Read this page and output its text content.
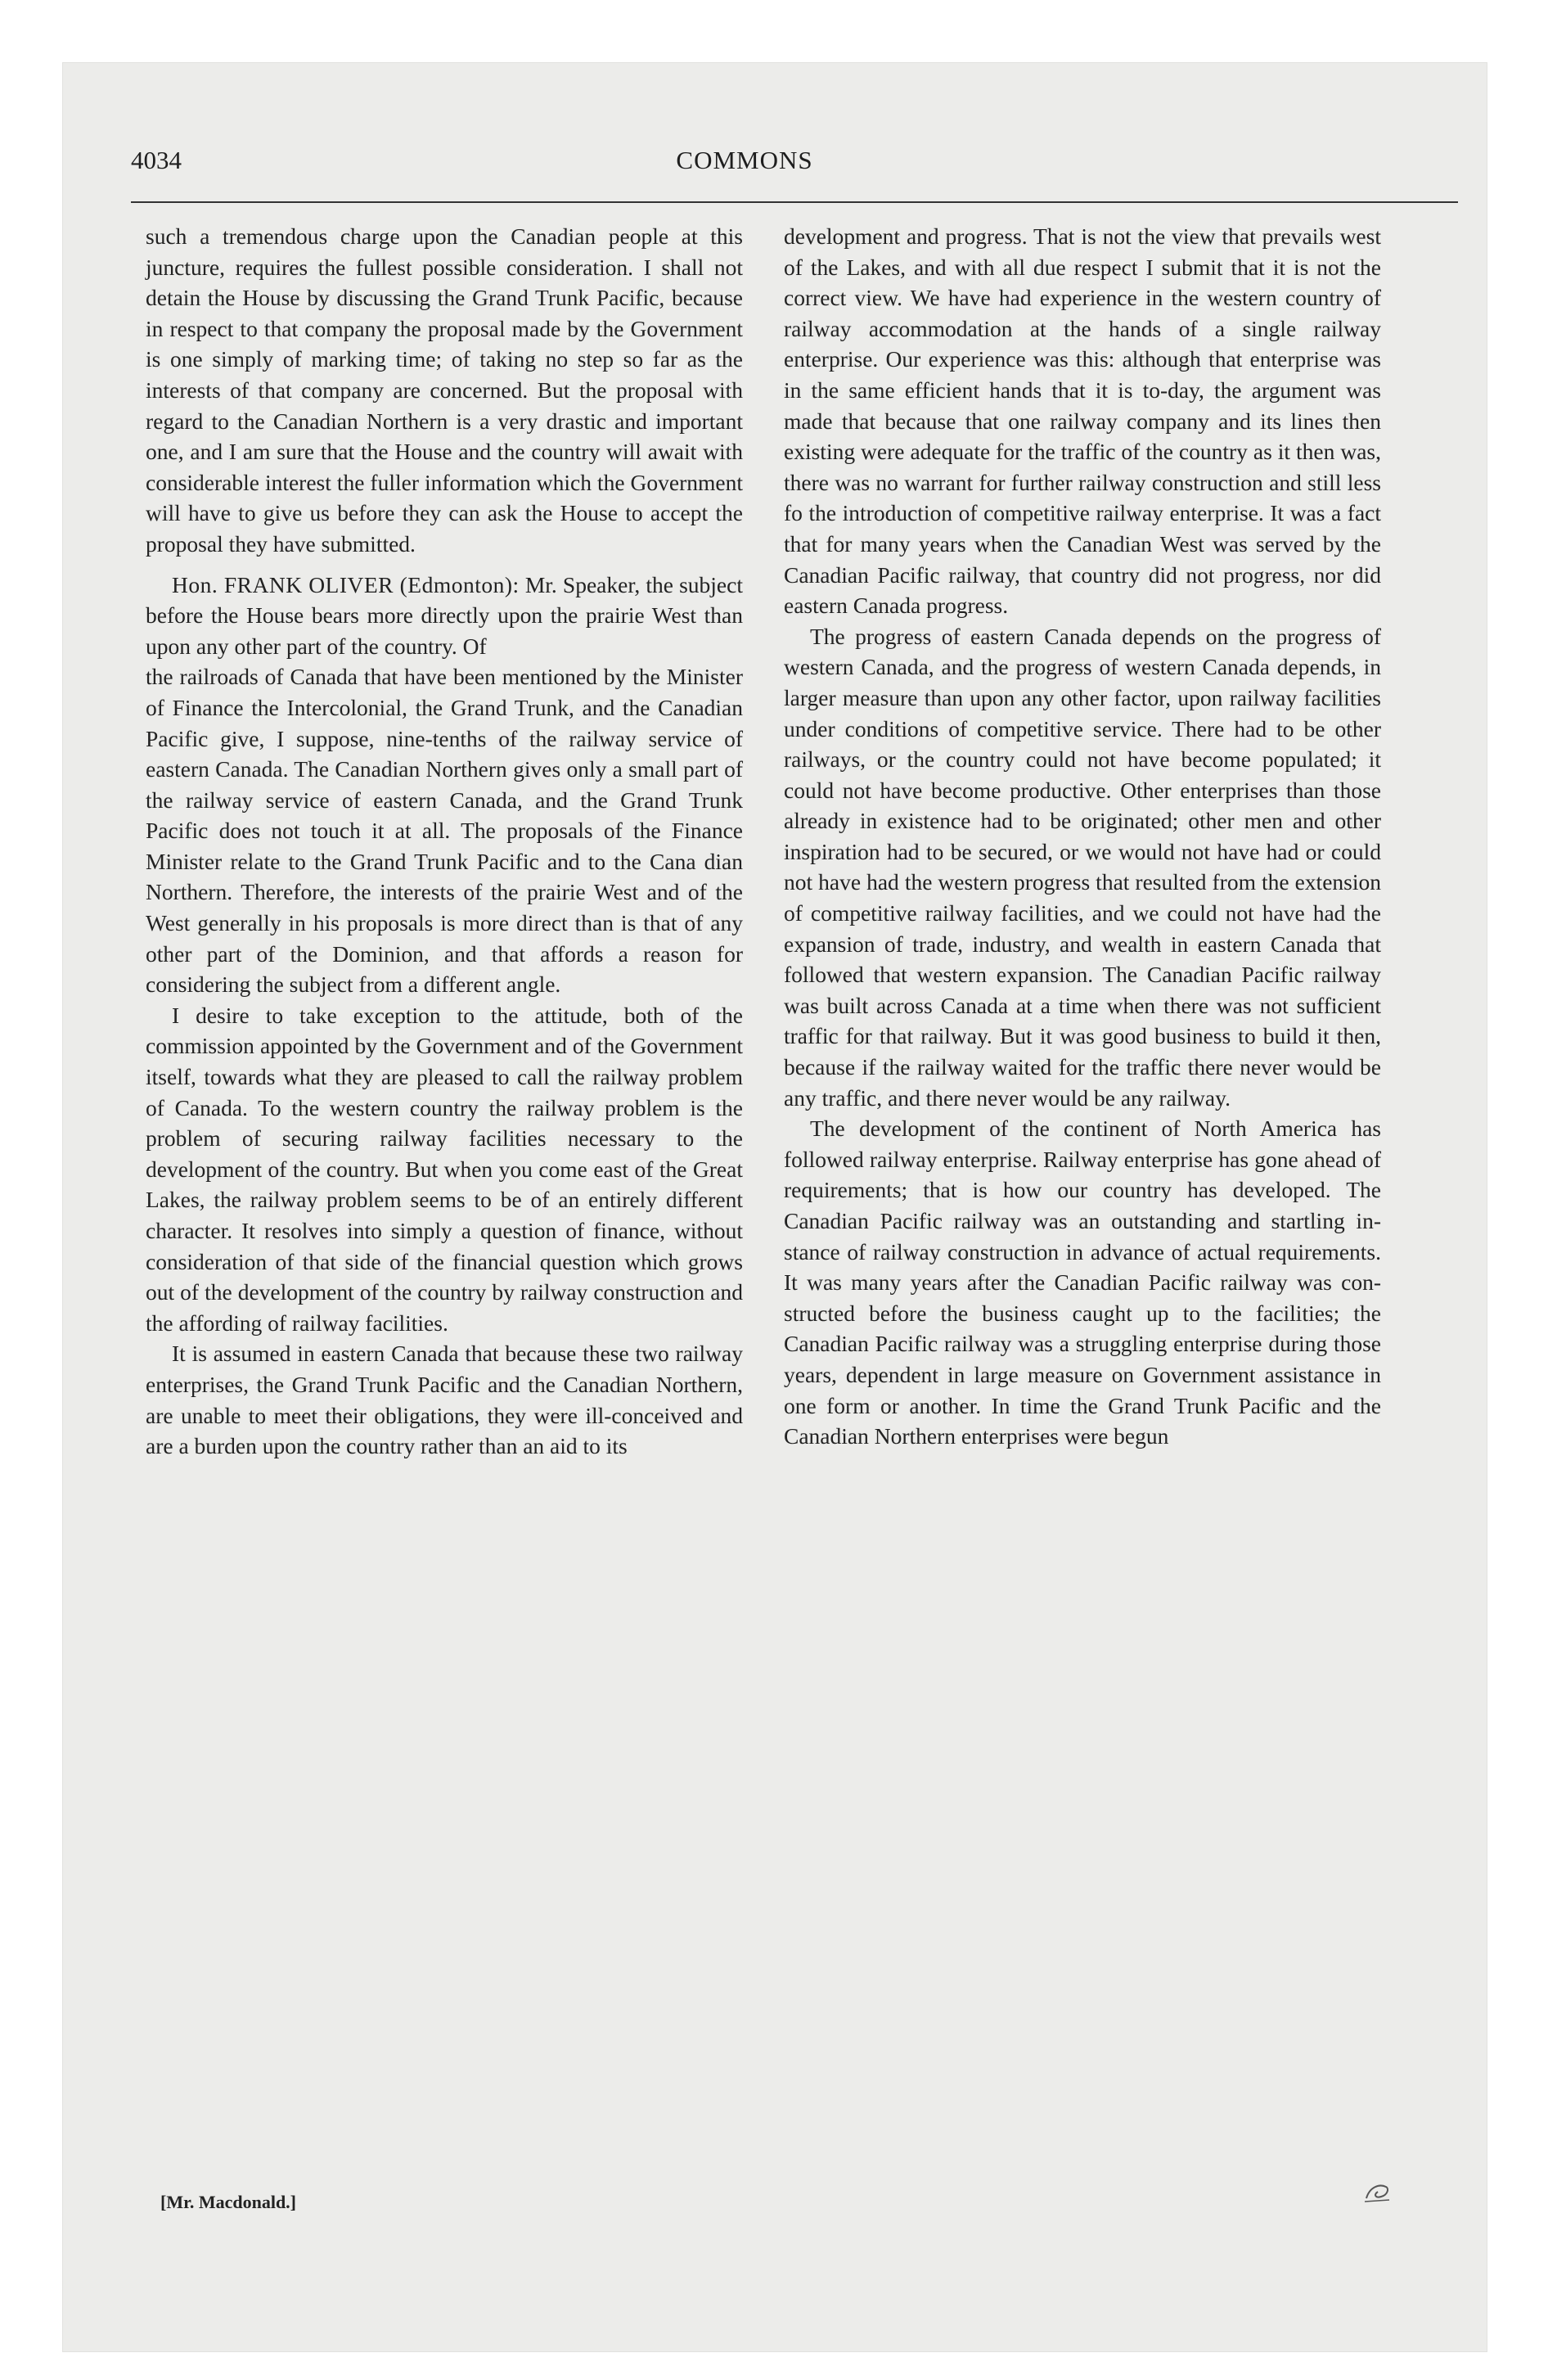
4034	COMMONS

such a tremendous charge upon the Canadian people at this juncture, requires the fullest possible consideration. I shall not detain the House by discussing the Grand Trunk Pacific, because in respect to that company the proposal made by the Government is one simply of marking time; of taking no step so far as the interests of that company are concerned. But the proposal with regard to the Canadian Northern is a very drastic and important one, and I am sure that the House and the country will await with considerable interest the fuller information which the Government will have to give us before they can ask the House to accept the proposal they have submitted.

Hon. FRANK OLIVER (Edmonton): Mr. Speaker, the subject before the House bears more directly upon the prairie West than upon any other part of the country. Of

the railroads of Canada that have been mentioned by the Minister of Finance the Intercolonial, the Grand Trunk, and the Canadian Pacific give, I suppose, nine-tenths of the railway service of eastern Canada. The Canadian Northern gives only a small part of the railway service of eastern Canada, and the Grand Trunk Pacific does not touch it at all. The proposals of the Finance Minister relate to the Grand Trunk Pacific and to the Cana dian Northern. Therefore, the interests of the prairie West and of the West generally in his proposals is more direct than is that of any other part of the Dominion, and that affords a reason for considering the subject from a different angle.

I desire to take exception to the attitude, both of the commission appointed by the Government and of the Government itself, towards what they are pleased to call the railway problem of Canada. To the western country the railway problem is the problem of securing railway facilities necessary to the development of the country. But when you come east of the Great Lakes, the railway problem seems to be of an entirely different character. It resolves into simply a question of finance, without consideration of that side of the financial question which grows out of the development of the country by railway construction and the affording of railway facilities.

It is assumed in eastern Canada that because these two railway enterprises, the Grand Trunk Pacific and the Canadian Northern, are unable to meet their obligations, they were ill-conceived and are a burden upon the country rather than an aid to its

development and progress. That is not the view that prevails west of the Lakes, and with all due respect I submit that it is not the correct view. We have had experience in the western country of railway accommodation at the hands of a single railway enterprise. Our experience was this: although that enterprise was in the same efficient hands that it is to-day, the argument was made that because that one railway company and its lines then existing were adequate for the traffic of the country as it then was, there was no warrant for further railway construction and still less fo the introduction of competitive railway enterprise. It was a fact that for many years when the Canadian West was served by the Canadian Pacific railway, that country did not progress, nor did eastern Canada progress.

The progress of eastern Canada depends on the progress of western Canada, and the progress of western Canada depends, in larger measure than upon any other factor, upon railway facilities under conditions of competitive service. There had to be other railways, or the country could not have become populated; it could not have become productive. Other enterprises than those already in existence had to be originated; other men and other inspiration had to be secured, or we would not have had or could not have had the western progress that resulted from the extension of competitive railway facilities, and we could not have had the expansion of trade, industry, and wealth in eastern Canada that followed that western expansion. The Canadian Pacific railway was built across Canada at a time when there was not sufficient traffic for that railway. But it was good business to build it then, because if the railway waited for the traffic there never would be any traffic, and there never would be any railway.

The development of the continent of North America has followed railway enterprise. Railway enterprise has gone ahead of requirements; that is how our country has developed. The Canadian Pacific railway was an outstanding and startling instance of railway construction in advance of actual requirements. It was many years after the Canadian Pacific railway was constructed before the business caught up to the facilities; the Canadian Pacific railway was a struggling enterprise during those years, dependent in large measure on Government assistance in one form or another. In time the Grand Trunk Pacific and the Canadian Northern enterprises were begun

[Mr. Macdonald.]
